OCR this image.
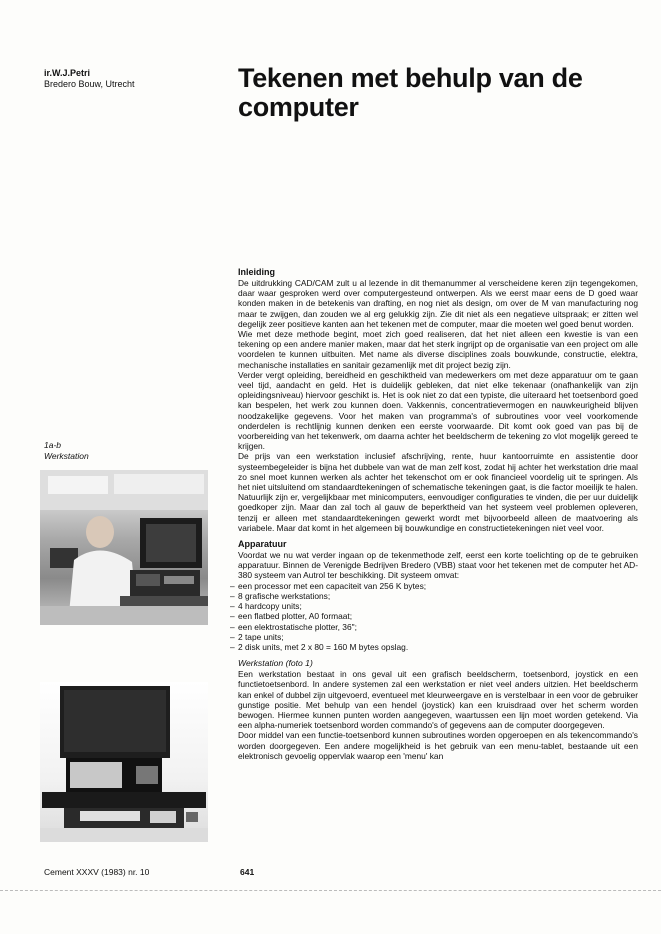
ir.W.J.Petri
Bredero Bouw, Utrecht	Tekenen met behulp van de computer
1a-b
Werkstation
Inleiding

De uitdrukking CAD/CAM zult u al lezende in dit themanummer al verscheidene keren zijn tegengekomen, daar waar gesproken werd over computergesteund ontwerpen. Als we eerst maar eens de D goed waar konden maken in de betekenis van drafting, en nog niet als design, om over de M van manufacturing nog maar te zwijgen, dan zouden we al erg gelukkig zijn. Zie dit niet als een negatieve uitspraak; er zitten wel degelijk zeer positieve kanten aan het tekenen met de computer, maar die moeten wel goed benut worden.

Wie met deze methode begint, moet zich goed realiseren, dat het niet alleen een kwestie is van een tekening op een andere manier maken, maar dat het sterk ingrijpt op de organisatie van een project om alle voordelen te kunnen uitbuiten. Met name als diverse disciplines zoals bouwkunde, constructie, elektra, mechanische installaties en sanitair gezamenlijk met dit project bezig zijn.

Verder vergt opleiding, bereidheid en geschiktheid van medewerkers om met deze apparatuur om te gaan veel tijd, aandacht en geld. Het is duidelijk gebleken, dat niet elke tekenaar (onafhankelijk van zijn opleidingsniveau) hiervoor geschikt is. Het is ook niet zo dat een typiste, die uiteraard het toetsenbord goed kan bespelen, het werk zou kunnen doen. Vakkennis, concentratievermogen en nauwkeurigheid blijven noodzakelijke gegevens. Voor het maken van programma's of subroutines voor veel voorkomende onderdelen is rechtlijnig kunnen denken een eerste voorwaarde. Dit komt ook goed van pas bij de voorbereiding van het tekenwerk, om daarna achter het beeldscherm de tekening zo vlot mogelijk gereed te krijgen.

De prijs van een werkstation inclusief afschrijving, rente, huur kantoorruimte en assistentie door systeembegeleider is bijna het dubbele van wat de man zelf kost, zodat hij achter het werkstation drie maal zo snel moet kunnen werken als achter het tekenschot om er ook financieel voordelig uit te springen. Als het niet uitsluitend om standaardtekeningen of schematische tekeningen gaat, is die factor moeilijk te halen. Natuurlijk zijn er, vergelijkbaar met minicomputers, eenvoudiger configuraties te vinden, die per uur duidelijk goedkoper zijn. Maar dan zal toch al gauw de beperktheid van het systeem veel problemen opleveren, tenzij er alleen met standaardtekeningen gewerkt wordt met bijvoorbeeld alleen de maatvoering als variabele. Maar dat komt in het algemeen bij bouwkundige en constructietekeningen niet veel voor.

Apparatuur

Voordat we nu wat verder ingaan op de tekenmethode zelf, eerst een korte toelichting op de te gebruiken apparatuur. Binnen de Verenigde Bedrijven Bredero (VBB) staat voor het tekenen met de computer het AD-380 systeem van Autrol ter beschikking. Dit systeem omvat:

– een processor met een capaciteit van 256 K bytes;
– 8 grafische werkstations;
– 4 hardcopy units;
– een flatbed plotter, A0 formaat;
– een elektrostatische plotter, 36";
– 2 tape units;
– 2 disk units, met 2 x 80 = 160 M bytes opslag.
Werkstation (foto 1)

Een werkstation bestaat in ons geval uit een grafisch beeldscherm, toetsenbord, joystick en een functietoetsenbord. In andere systemen zal een werkstation er niet veel anders uitzien. Het beeldscherm kan enkel of dubbel zijn uitgevoerd, eventueel met kleurweergave en is verstelbaar in een voor de gebruiker gunstige positie. Met behulp van een hendel (joystick) kan een kruisdraad over het scherm worden bewogen. Hiermee kunnen punten worden aangegeven, waartussen een lijn moet worden getekend. Via een alpha-numeriek toetsenbord worden commando's of gegevens aan de computer doorgegeven.

Door middel van een functie-toetsenbord kunnen subroutines worden opgeroepen en als tekencommando's worden doorgegeven. Een andere mogelijkheid is het gebruik van een menu-tablet, bestaande uit een elektronisch gevoelig oppervlak waarop een 'menu' kan

Cement XXXV (1983) nr. 10	641
